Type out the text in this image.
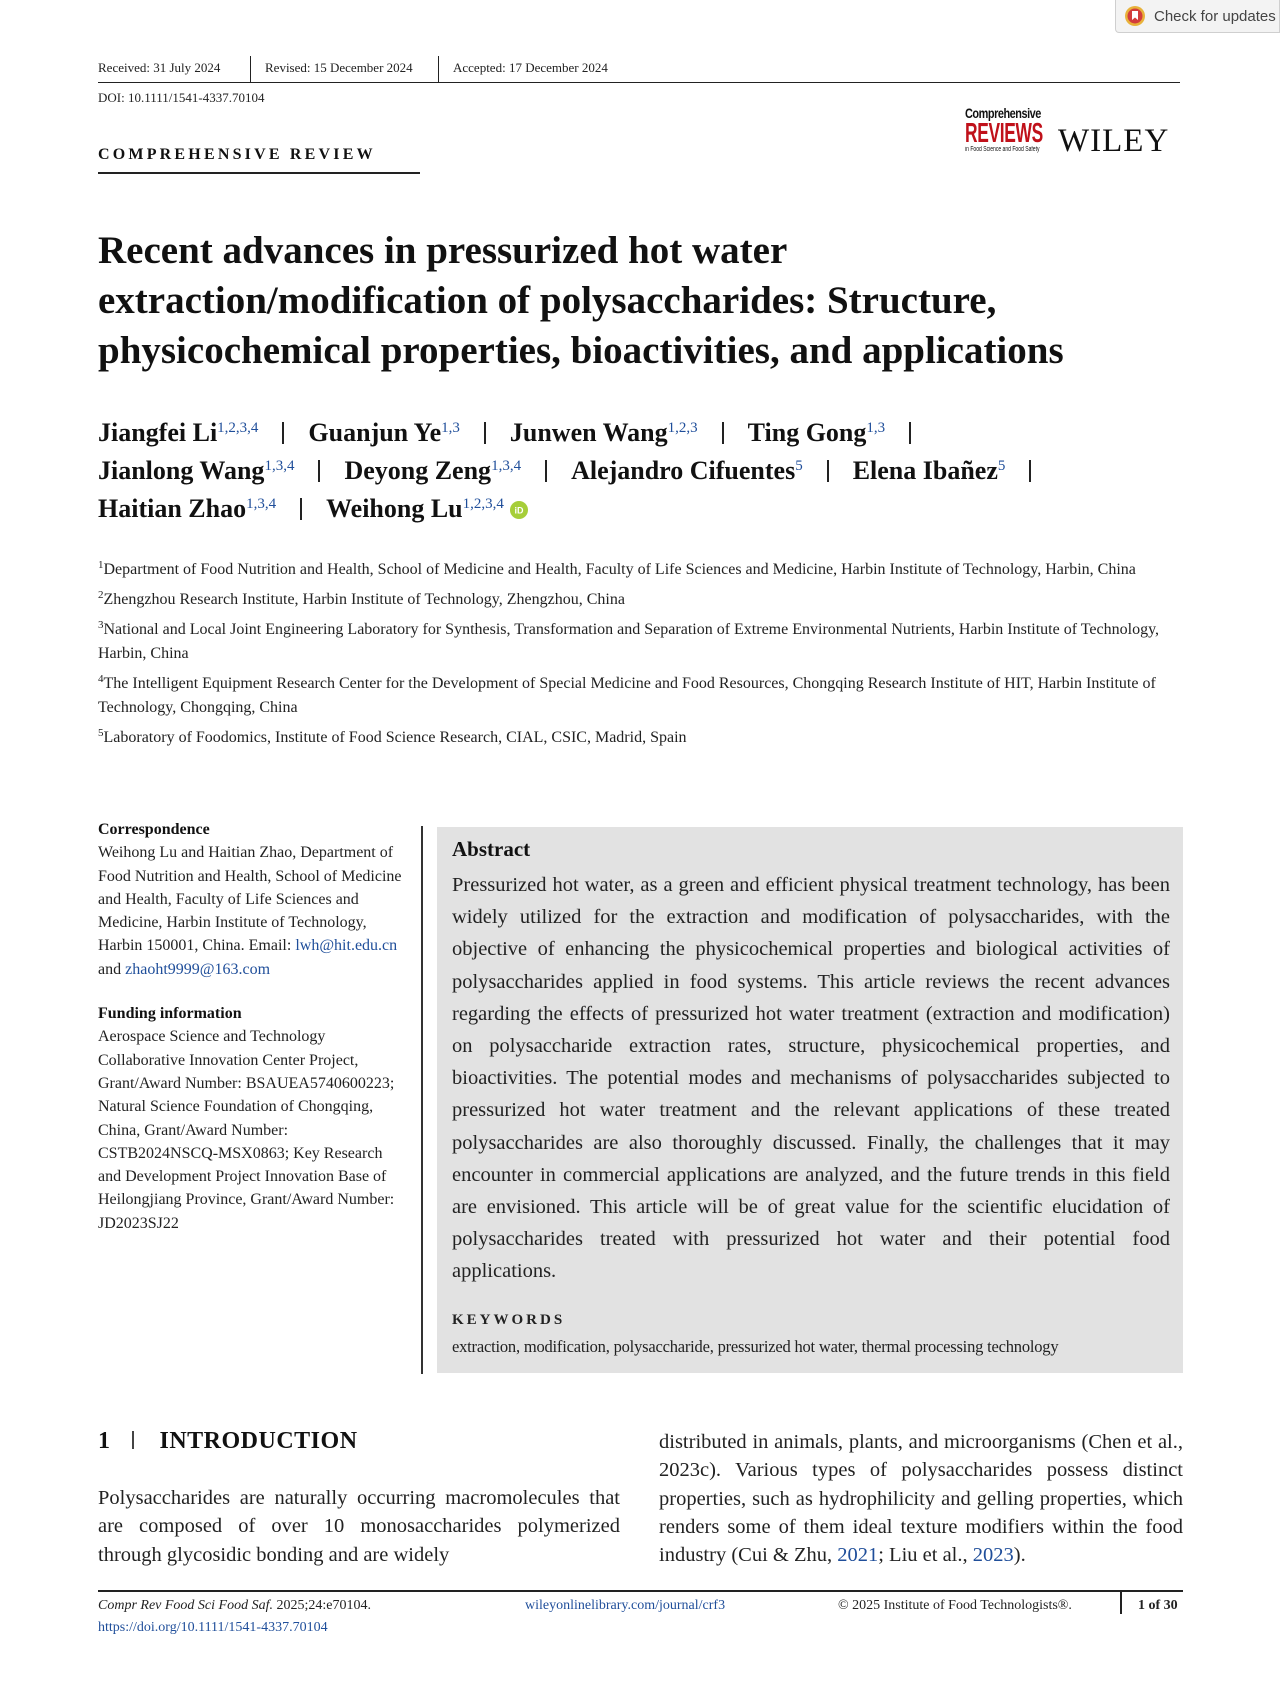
Check for updates
Received: 31 July 2024	Revised: 15 December 2024	Accepted: 17 December 2024
DOI: 10.1111/1541-4337.70104
COMPREHENSIVE REVIEW
Comprehensive
REVIEWS
in Food Science and Food Safety WILEY
Recent advances in pressurized hot water
extraction/modification of polysaccharides: Structure,
physicochemical properties, bioactivities, and applications
Jiangfei Li$^{1,2,3,4}$ Guanjun Ye$^{1,3}$ Junwen Wang$^{1,2,3}$ Ting Gong$^{1,3}$
Jianlong Wang$^{1,3,4}$ Deyong Zeng$^{1,3,4}$ Alejandro Cifuentes$^5$ Elena Ibañez$^5$
Haitian Zhao$^{1,3,4}$ Weihong Lu$^{1,2,3,4}$ iD
$^1$Department of Food Nutrition and Health, School of Medicine and Health, Faculty of Life Sciences and Medicine, Harbin Institute of Technology, Harbin, China
$^2$Zhengzhou Research Institute, Harbin Institute of Technology, Zhengzhou, China
$^3$National and Local Joint Engineering Laboratory for Synthesis, Transformation and Separation of Extreme Environmental Nutrients, Harbin Institute of Technology, Harbin, China
$^4$The Intelligent Equipment Research Center for the Development of Special Medicine and Food Resources, Chongqing Research Institute of HIT, Harbin Institute of Technology, Chongqing, China
$^5$Laboratory of Foodomics, Institute of Food Science Research, CIAL, CSIC, Madrid, Spain
Correspondence
Weihong Lu and Haitian Zhao, Department of Food Nutrition and Health, School of Medicine and Health, Faculty of Life Sciences and Medicine, Harbin Institute of Technology, Harbin 150001, China. Email: lwh@hit.edu.cn and zhaoht9999@163.com
Funding information
Aerospace Science and Technology Collaborative Innovation Center Project, Grant/Award Number: BSAUEA5740600223; Natural Science Foundation of Chongqing, China, Grant/Award Number: CSTB2024NSCQ-MSX0863; Key Research and Development Project Innovation Base of Heilongjiang Province, Grant/Award Number: JD2023SJ22
Abstract
Pressurized hot water, as a green and efficient physical treatment technology, has been widely utilized for the extraction and modification of polysaccharides, with the objective of enhancing the physicochemical properties and biological activities of polysaccharides applied in food systems. This article reviews the recent advances regarding the effects of pressurized hot water treatment (extraction and modification) on polysaccharide extraction rates, structure, physicochemical properties, and bioactivities. The potential modes and mechanisms of polysaccharides subjected to pressurized hot water treatment and the relevant applications of these treated polysaccharides are also thoroughly discussed. Finally, the challenges that it may encounter in commercial applications are analyzed, and the future trends in this field are envisioned. This article will be of great value for the scientific elucidation of polysaccharides treated with pressurized hot water and their potential food applications.
KEYWORDS
extraction, modification, polysaccharide, pressurized hot water, thermal processing technology
1 INTRODUCTION
Polysaccharides are naturally occurring macromolecules that are composed of over 10 monosaccharides polymerized through glycosidic bonding and are widely
distributed in animals, plants, and microorganisms (Chen et al., 2023c). Various types of polysaccharides possess distinct properties, such as hydrophilicity and gelling properties, which renders some of them ideal texture modifiers within the food industry (Cui & Zhu, 2021; Liu et al., 2023).
Compr Rev Food Sci Food Saf. 2025;24:e70104.
https://doi.org/10.1111/1541-4337.70104
wileyonlinelibrary.com/journal/crf3	© 2025 Institute of Food Technologists®.	1 of 30
